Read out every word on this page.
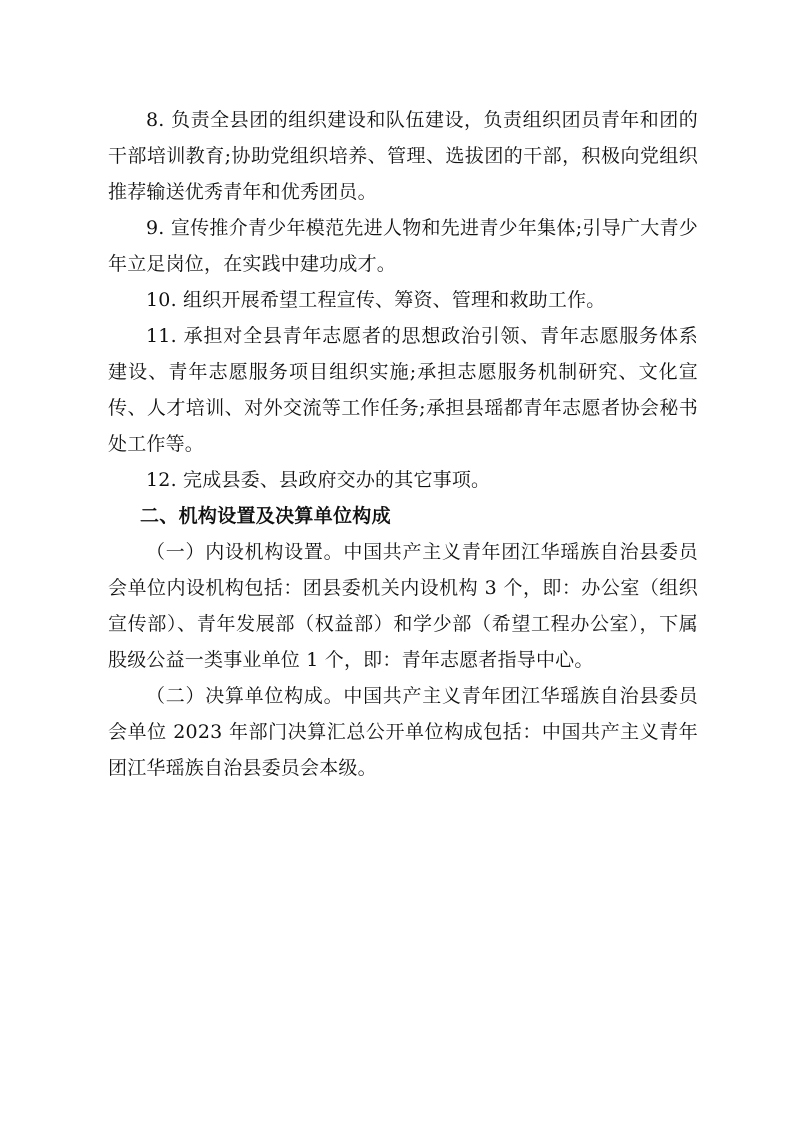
8. 负责全县团的组织建设和队伍建设，负责组织团员青年和团的干部培训教育;协助党组织培养、管理、选拔团的干部，积极向党组织推荐输送优秀青年和优秀团员。

9. 宣传推介青少年模范先进人物和先进青少年集体;引导广大青少年立足岗位，在实践中建功成才。

10. 组织开展希望工程宣传、筹资、管理和救助工作。

11. 承担对全县青年志愿者的思想政治引领、青年志愿服务体系建设、青年志愿服务项目组织实施;承担志愿服务机制研究、文化宣传、人才培训、对外交流等工作任务;承担县瑶都青年志愿者协会秘书处工作等。

12. 完成县委、县政府交办的其它事项。

二、机构设置及决算单位构成

（一）内设机构设置。中国共产主义青年团江华瑶族自治县委员会单位内设机构包括：团县委机关内设机构 3 个，即：办公室（组织宣传部）、青年发展部（权益部）和学少部（希望工程办公室），下属股级公益一类事业单位 1 个，即：青年志愿者指导中心。

（二）决算单位构成。中国共产主义青年团江华瑶族自治县委员会单位 2023 年部门决算汇总公开单位构成包括：中国共产主义青年团江华瑶族自治县委员会本级。
